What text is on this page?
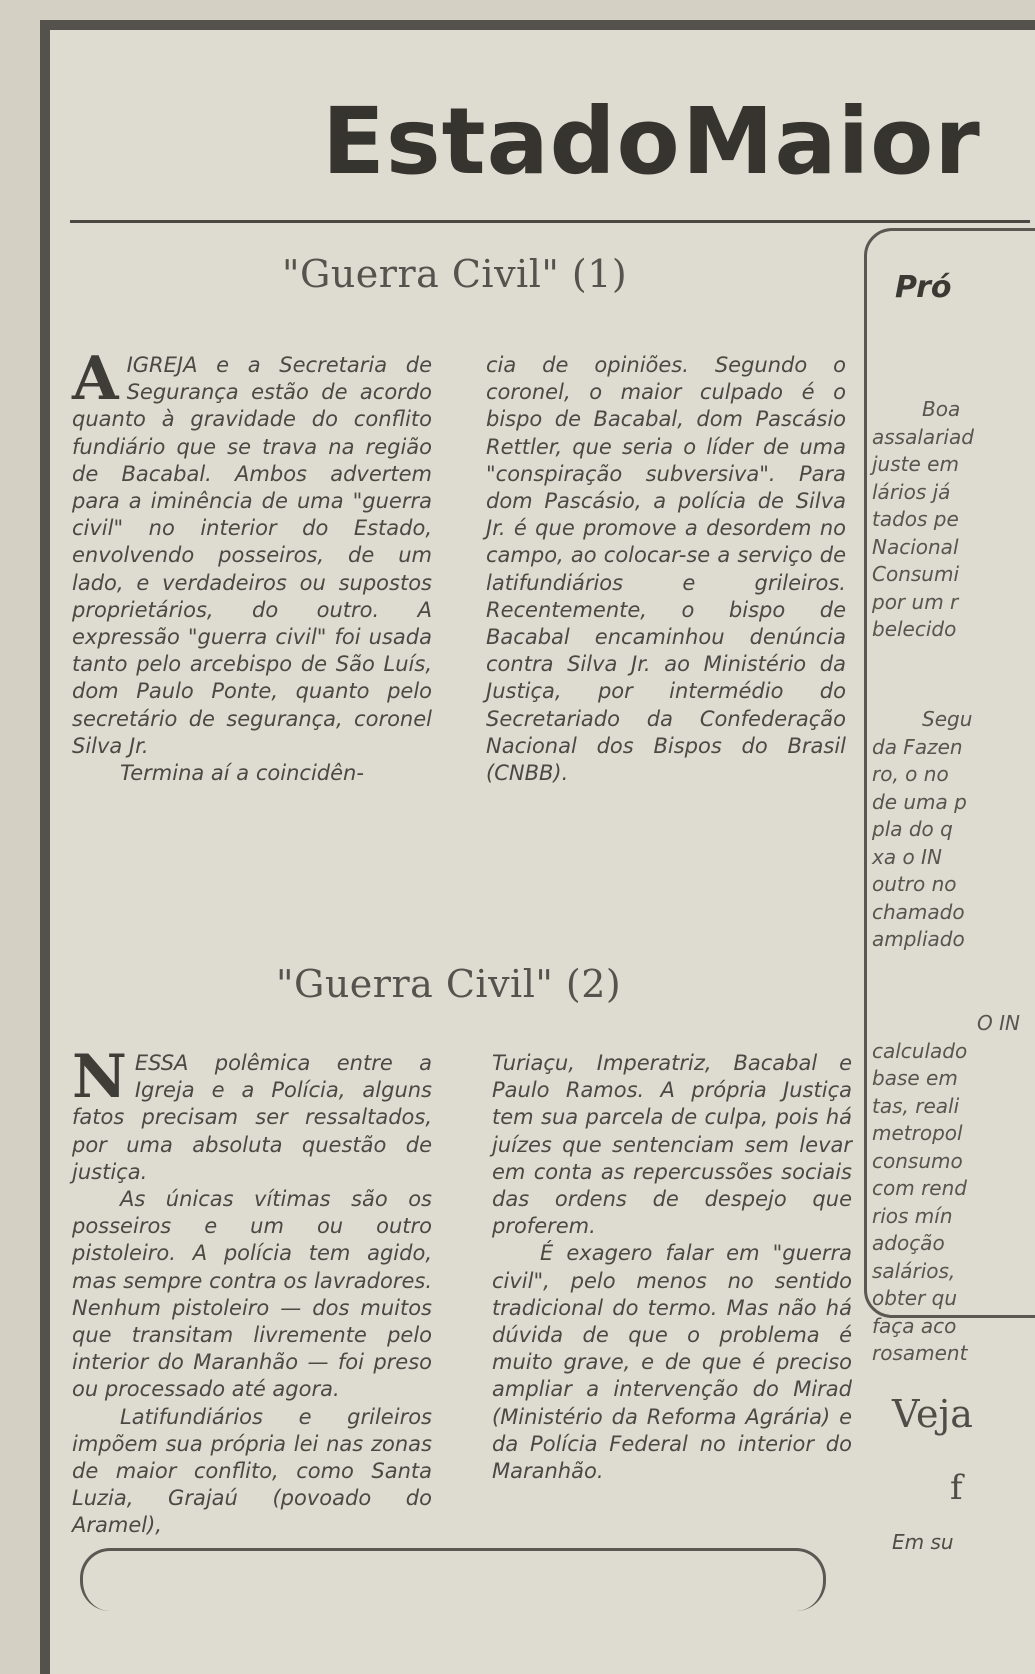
Estado Maior
"Guerra Civil" (1)

AIGREJA e a Secretaria de Segurança estão de acordo quanto à gravidade do conflito fundiário que se trava na região de Bacabal. Ambos advertem para a iminência de uma "guerra civil" no interior do Estado, envolvendo posseiros, de um lado, e verdadeiros ou supostos proprietários, do outro. A expressão "guerra civil" foi usada tanto pelo arcebispo de São Luís, dom Paulo Ponte, quanto pelo secretário de segurança, coronel Silva Jr.

Termina aí a coincidên-

cia de opiniões. Segundo o coronel, o maior culpado é o bispo de Bacabal, dom Pascásio Rettler, que seria o líder de uma "conspiração subversiva". Para dom Pascásio, a polícia de Silva Jr. é que promove a desordem no campo, ao colocar-se a serviço de latifundiários e grileiros. Recentemente, o bispo de Bacabal encaminhou denúncia contra Silva Jr. ao Ministério da Justiça, por intermédio do Secretariado da Confederação Nacional dos Bispos do Brasil (CNBB).

"Guerra Civil" (2)

NESSA polêmica entre a Igreja e a Polícia, alguns fatos precisam ser ressaltados, por uma absoluta questão de justiça.

As únicas vítimas são os posseiros e um ou outro pistoleiro. A polícia tem agido, mas sempre contra os lavradores. Nenhum pistoleiro — dos muitos que transitam livremente pelo interior do Maranhão — foi preso ou processado até agora.

Latifundiários e grileiros impõem sua própria lei nas zonas de maior conflito, como Santa Luzia, Grajaú (povoado do Aramel),

Turiaçu, Imperatriz, Bacabal e Paulo Ramos. A própria Justiça tem sua parcela de culpa, pois há juízes que sentenciam sem levar em conta as repercussões sociais das ordens de despejo que proferem.

É exagero falar em "guerra civil", pelo menos no sentido tradicional do termo. Mas não há dúvida de que o problema é muito grave, e de que é preciso ampliar a intervenção do Mirad (Ministério da Reforma Agrária) e da Polícia Federal no interior do Maranhão.

Pró
Boa
assalariad
juste em
lários já
tados pe
Nacional
Consumi
por um r
belecido
Segu
da Fazen
ro, o no
de uma p
pla do q
xa o IN
outro no
chamado
ampliado
O IN
calculado
base em
tas, reali
metropol
consumo
com rend
rios mín
adoção
salários,
obter qu
faça aco
rosament
Veja
f
Em su
